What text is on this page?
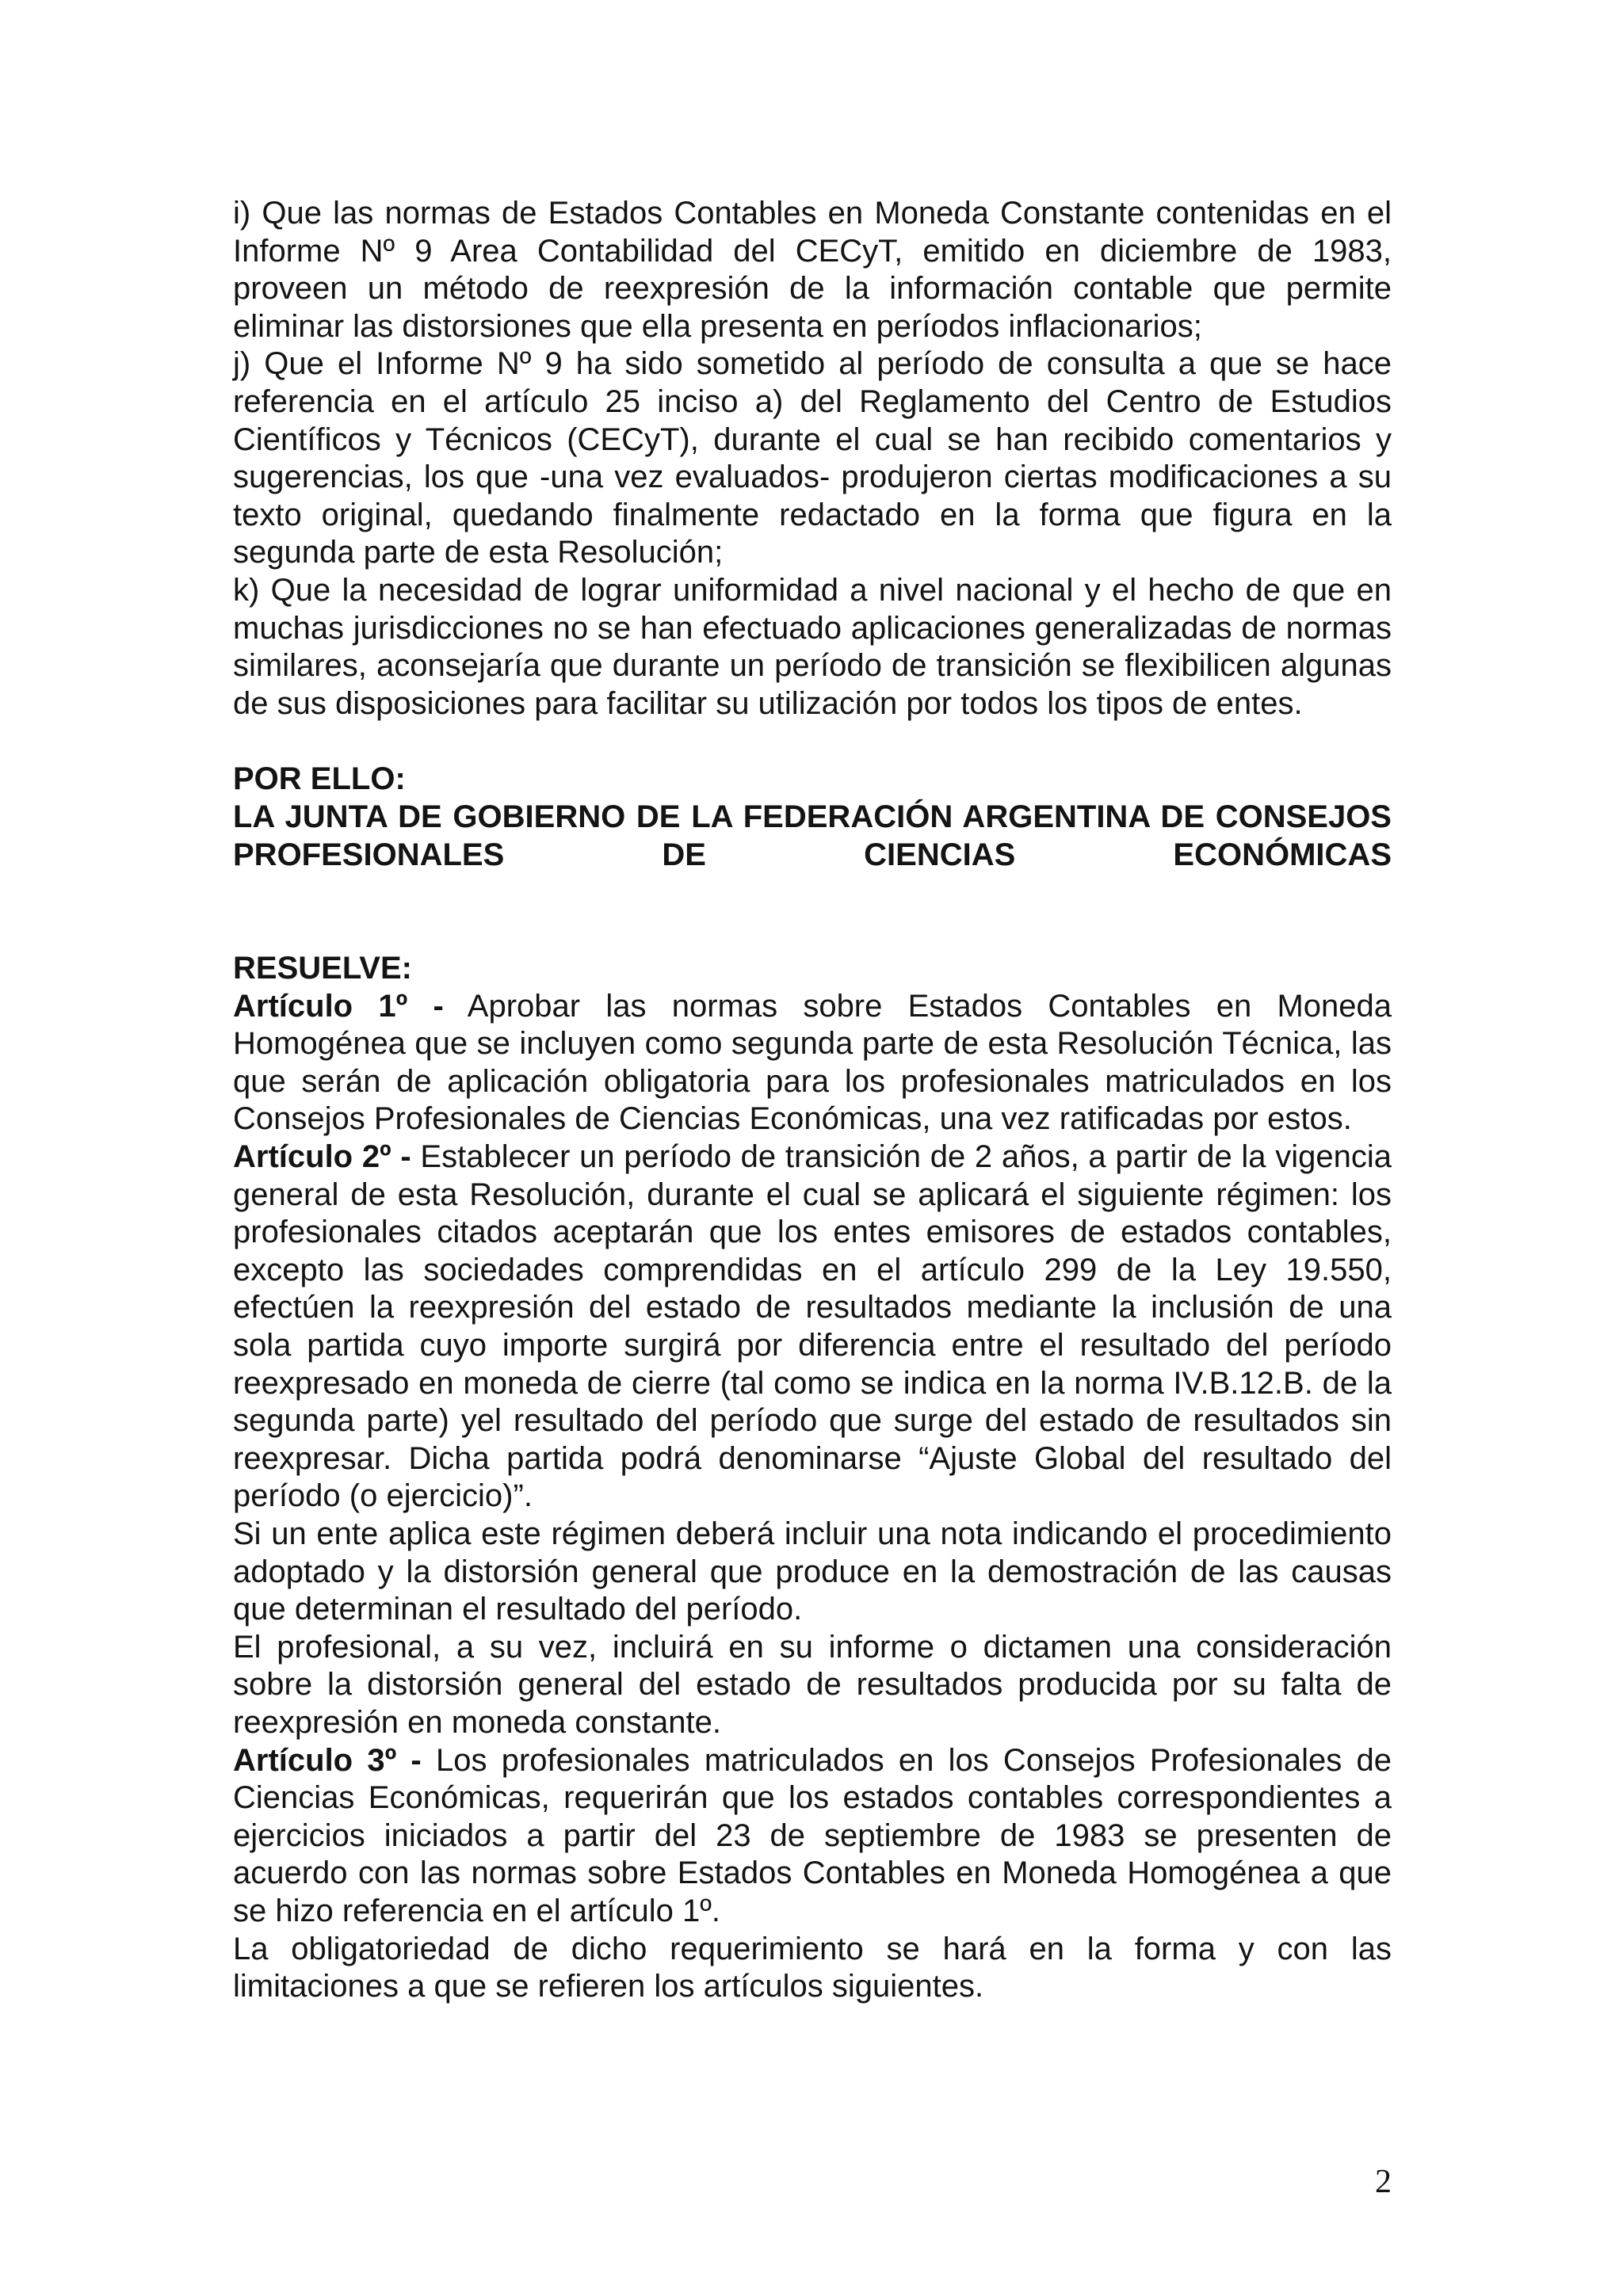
i) Que las normas de Estados Contables en Moneda Constante contenidas en el Informe Nº 9 Area Contabilidad del CECyT, emitido en diciembre de 1983, proveen un método de reexpresión de la información contable que permite eliminar las distorsiones que ella presenta en períodos inflacionarios;

j) Que el Informe Nº 9 ha sido sometido al período de consulta a que se hace referencia en el artículo 25 inciso a) del Reglamento del Centro de Estudios Científicos y Técnicos (CECyT), durante el cual se han recibido comentarios y sugerencias, los que -una vez evaluados- produjeron ciertas modificaciones a su texto original, quedando finalmente redactado en la forma que figura en la segunda parte de esta Resolución;

k) Que la necesidad de lograr uniformidad a nivel nacional y el hecho de que en muchas jurisdicciones no se han efectuado aplicaciones generalizadas de normas similares, aconsejaría que durante un período de transición se flexibilicen algunas de sus disposiciones para facilitar su utilización por todos los tipos de entes.

POR ELLO:

LA JUNTA DE GOBIERNO DE LA FEDERACIÓN ARGENTINA DE CONSEJOS PROFESIONALES DE CIENCIAS ECONÓMICAS

RESUELVE:

Artículo 1º - Aprobar las normas sobre Estados Contables en Moneda Homogénea que se incluyen como segunda parte de esta Resolución Técnica, las que serán de aplicación obligatoria para los profesionales matriculados en los Consejos Profesionales de Ciencias Económicas, una vez ratificadas por estos.

Artículo 2º - Establecer un período de transición de 2 años, a partir de la vigencia general de esta Resolución, durante el cual se aplicará el siguiente régimen: los profesionales citados aceptarán que los entes emisores de estados contables, excepto las sociedades comprendidas en el artículo 299 de la Ley 19.550, efectúen la reexpresión del estado de resultados mediante la inclusión de una sola partida cuyo importe surgirá por diferencia entre el resultado del período reexpresado en moneda de cierre (tal como se indica en la norma IV.B.12.B. de la segunda parte) yel resultado del período que surge del estado de resultados sin reexpresar. Dicha partida podrá denominarse “Ajuste Global del resultado del período (o ejercicio)”.

Si un ente aplica este régimen deberá incluir una nota indicando el procedimiento adoptado y la distorsión general que produce en la demostración de las causas que determinan el resultado del período.

El profesional, a su vez, incluirá en su informe o dictamen una consideración sobre la distorsión general del estado de resultados producida por su falta de reexpresión en moneda constante.

Artículo 3º - Los profesionales matriculados en los Consejos Profesionales de Ciencias Económicas, requerirán que los estados contables correspondientes a ejercicios iniciados a partir del 23 de septiembre de 1983 se presenten de acuerdo con las normas sobre Estados Contables en Moneda Homogénea a que se hizo referencia en el artículo 1º.

La obligatoriedad de dicho requerimiento se hará en la forma y con las limitaciones a que se refieren los artículos siguientes.

2
